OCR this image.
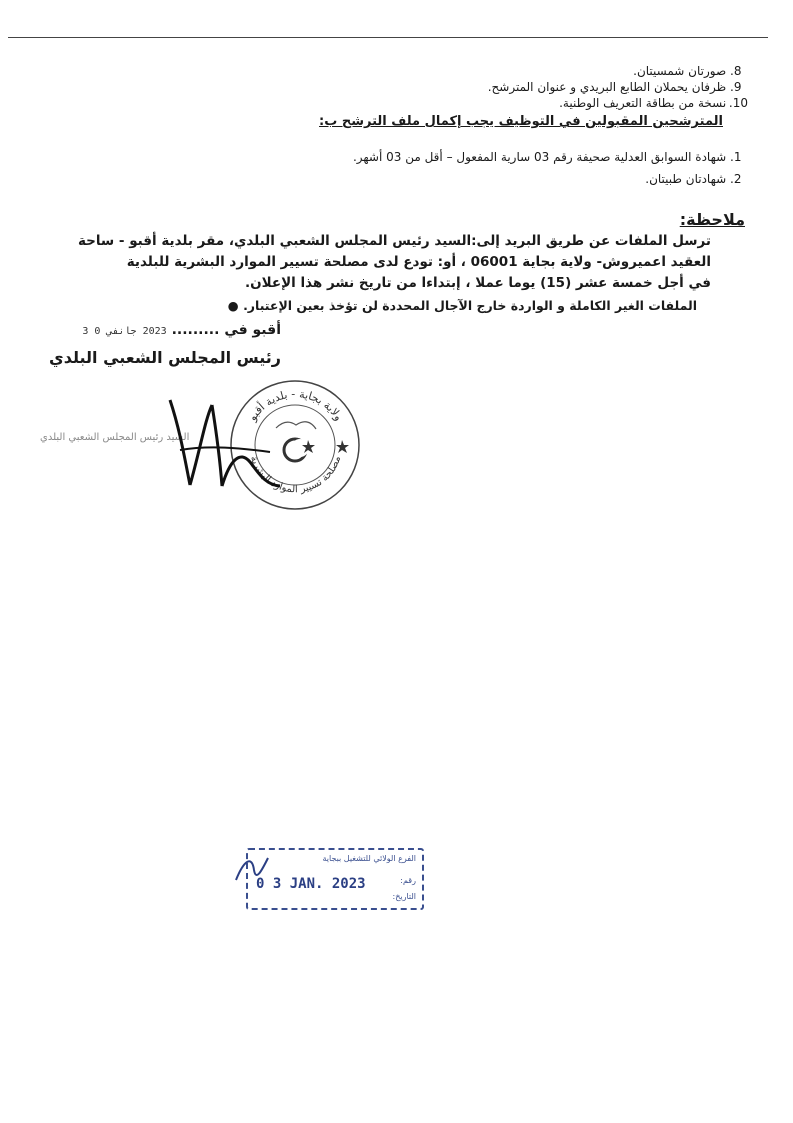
8. صورتان شمسيتان.
9. ظرفان يحملان الطابع البريدي و عنوان المترشح.
10. نسخة من بطاقة التعريف الوطنية.
المترشحين المقبولين في التوظيف يجب إكمال ملف الترشح ب:
1. شهادة السوابق العدلية صحيفة رقم 03 سارية المفعول – أقل من 03 أشهر.
2. شهادتان طبيتان.
ملاحظة:
ترسل الملفات عن طريق البريد إلى:السيد رئيس المجلس الشعبي البلدي، مقر بلدية أقبو - ساحة
العقيد اعميروش- ولاية بجاية 06001 ، أو: تودع لدى مصلحة تسيير الموارد البشرية للبلدية
في أجل خمسة عشر (15) يوما عملا ، إبتداءا من تاريخ نشر هذا الإعلان.
الملفات الغير الكاملة و الواردة خارج الآجال المحددة لن تؤخذ بعين الإعتبار. ●
أقبو في ......... 2023 جانفي 0 3
رئيس المجلس الشعبي البلدي
السيد رئيس المجلس الشعبي البلدي
ولاية بجاية - بلدية أقبو
مصلحة تسيير الموارد البشرية
الفرع الولائي للتشغيل ببجاية
0 3 JAN. 2023	رقم:
التاريخ:
